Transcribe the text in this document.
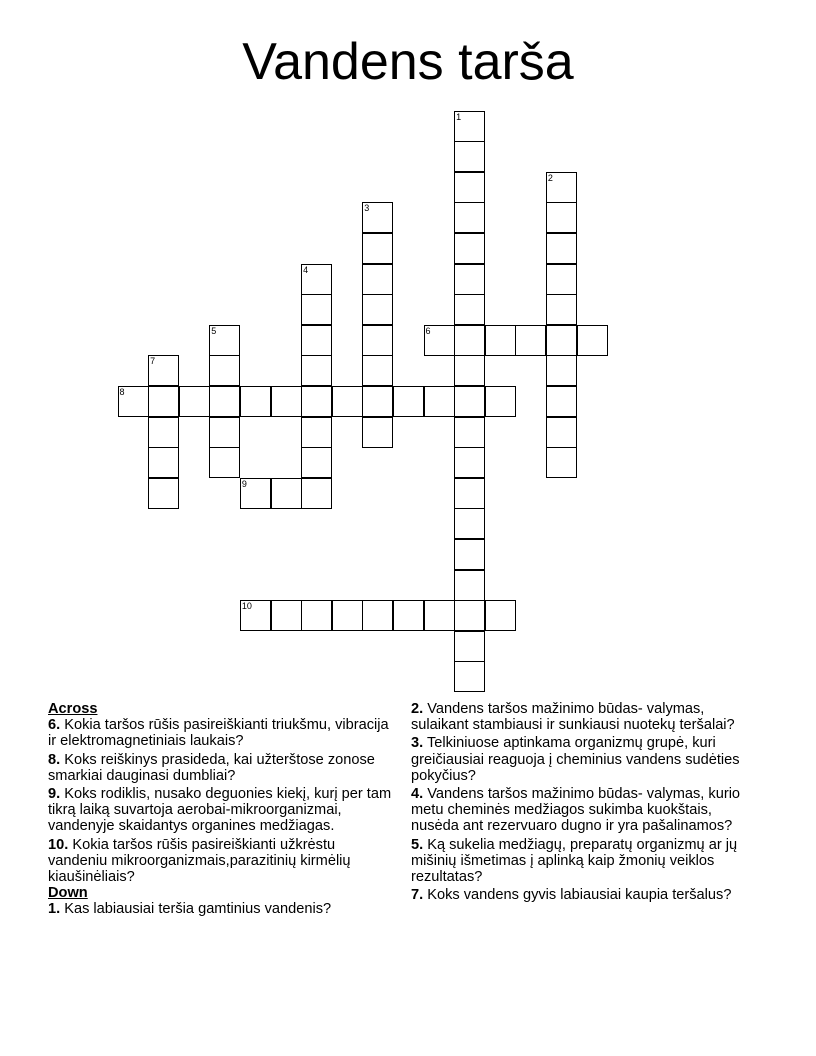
Vandens tarša
1
2
3
4
5	6
7
8
9
10
Across
6. Kokia taršos rūšis pasireiškianti triukšmu, vibracija ir elektromagnetiniais laukais?
8. Koks reiškinys prasideda, kai užterštose zonose smarkiai dauginasi dumbliai?
9. Koks rodiklis, nusako deguonies kiekį, kurį per tam tikrą laiką suvartoja aerobai-mikroorganizmai, vandenyje skaidantys organines medžiagas.
10. Kokia taršos rūšis pasireiškianti užkrėstu vandeniu mikroorganizmais,parazitinių kirmėlių kiaušinėliais?
Down
1. Kas labiausiai teršia gamtinius vandenis?
2. Vandens taršos mažinimo būdas- valymas, sulaikant stambiausi ir sunkiausi nuotekų teršalai?
3. Telkiniuose aptinkama organizmų grupė, kuri greičiausiai reaguoja į cheminius vandens sudėties pokyčius?
4. Vandens taršos mažinimo būdas- valymas, kurio metu cheminės medžiagos sukimba kuokštais, nusėda ant rezervuaro dugno ir yra pašalinamos?
5. Ką sukelia medžiagų, preparatų organizmų ar jų mišinių išmetimas į aplinką kaip žmonių veiklos rezultatas?
7. Koks vandens gyvis labiausiai kaupia teršalus?
